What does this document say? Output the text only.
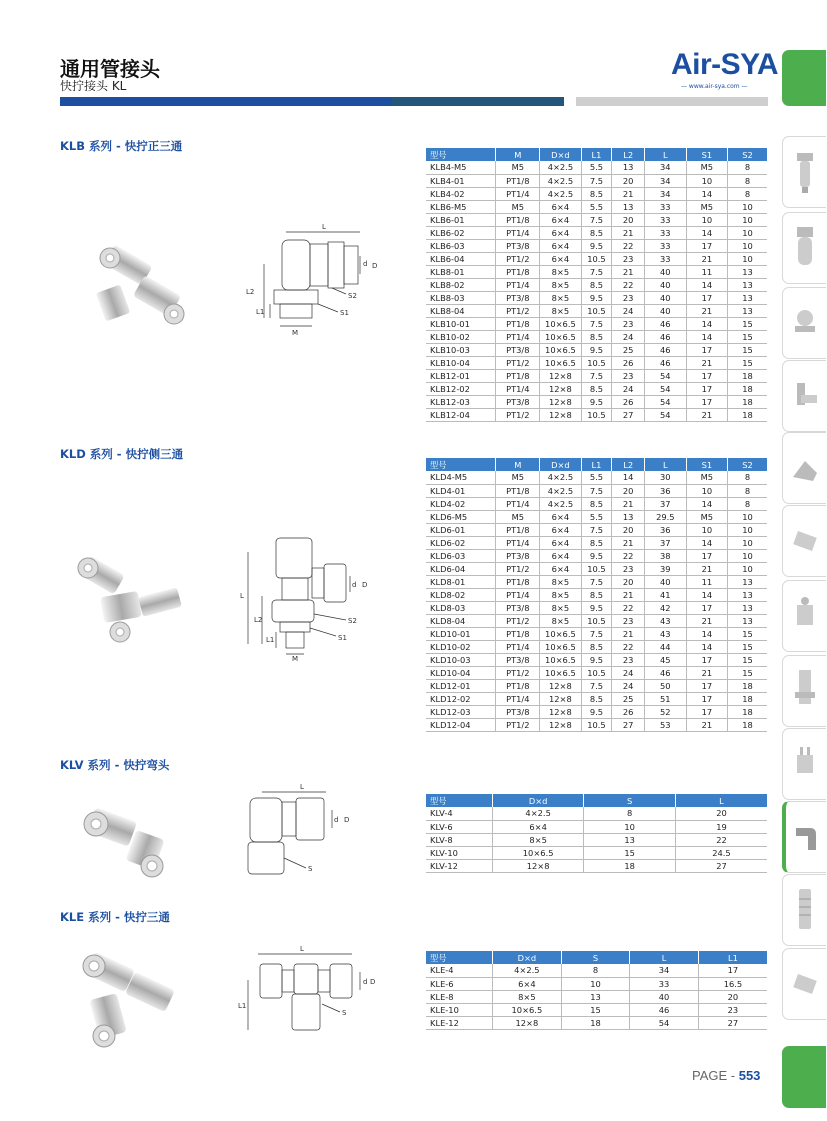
通用管接头
快拧接头 KL
Air-SYA
— www.air-sya.com —
KLB 系列 - 快拧正三通
KLD 系列 - 快拧侧三通
KLV 系列 - 快拧弯头
KLE 系列 - 快拧三通
L
d D
L2
L1
M
S2
S1
L
d D
L2
L1
M
S2
S1
L
d D
S
L
d D
L1
S
型号	M	D×d	L1	L2	L	S1	S2
KLB4-M5	M5	4×2.5	5.5	13	34	M5	8
KLB4-01	PT1/8	4×2.5	7.5	20	34	10	8
KLB4-02	PT1/4	4×2.5	8.5	21	34	14	8
KLB6-M5	M5	6×4	5.5	13	33	M5	10
KLB6-01	PT1/8	6×4	7.5	20	33	10	10
KLB6-02	PT1/4	6×4	8.5	21	33	14	10
KLB6-03	PT3/8	6×4	9.5	22	33	17	10
KLB6-04	PT1/2	6×4	10.5	23	33	21	10
KLB8-01	PT1/8	8×5	7.5	21	40	11	13
KLB8-02	PT1/4	8×5	8.5	22	40	14	13
KLB8-03	PT3/8	8×5	9.5	23	40	17	13
KLB8-04	PT1/2	8×5	10.5	24	40	21	13
KLB10-01	PT1/8	10×6.5	7.5	23	46	14	15
KLB10-02	PT1/4	10×6.5	8.5	24	46	14	15
KLB10-03	PT3/8	10×6.5	9.5	25	46	17	15
KLB10-04	PT1/2	10×6.5	10.5	26	46	21	15
KLB12-01	PT1/8	12×8	7.5	23	54	17	18
KLB12-02	PT1/4	12×8	8.5	24	54	17	18
KLB12-03	PT3/8	12×8	9.5	26	54	17	18
KLB12-04	PT1/2	12×8	10.5	27	54	21	18
型号	M	D×d	L1	L2	L	S1	S2
KLD4-M5	M5	4×2.5	5.5	14	30	M5	8
KLD4-01	PT1/8	4×2.5	7.5	20	36	10	8
KLD4-02	PT1/4	4×2.5	8.5	21	37	14	8
KLD6-M5	M5	6×4	5.5	13	29.5	M5	10
KLD6-01	PT1/8	6×4	7.5	20	36	10	10
KLD6-02	PT1/4	6×4	8.5	21	37	14	10
KLD6-03	PT3/8	6×4	9.5	22	38	17	10
KLD6-04	PT1/2	6×4	10.5	23	39	21	10
KLD8-01	PT1/8	8×5	7.5	20	40	11	13
KLD8-02	PT1/4	8×5	8.5	21	41	14	13
KLD8-03	PT3/8	8×5	9.5	22	42	17	13
KLD8-04	PT1/2	8×5	10.5	23	43	21	13
KLD10-01	PT1/8	10×6.5	7.5	21	43	14	15
KLD10-02	PT1/4	10×6.5	8.5	22	44	14	15
KLD10-03	PT3/8	10×6.5	9.5	23	45	17	15
KLD10-04	PT1/2	10×6.5	10.5	24	46	21	15
KLD12-01	PT1/8	12×8	7.5	24	50	17	18
KLD12-02	PT1/4	12×8	8.5	25	51	17	18
KLD12-03	PT3/8	12×8	9.5	26	52	17	18
KLD12-04	PT1/2	12×8	10.5	27	53	21	18
型号	D×d	S	L
KLV-4	4×2.5	8	20
KLV-6	6×4	10	19
KLV-8	8×5	13	22
KLV-10	10×6.5	15	24.5
KLV-12	12×8	18	27
型号	D×d	S	L	L1
KLE-4	4×2.5	8	34	17
KLE-6	6×4	10	33	16.5
KLE-8	8×5	13	40	20
KLE-10	10×6.5	15	46	23
KLE-12	12×8	18	54	27
PAGE - 553
